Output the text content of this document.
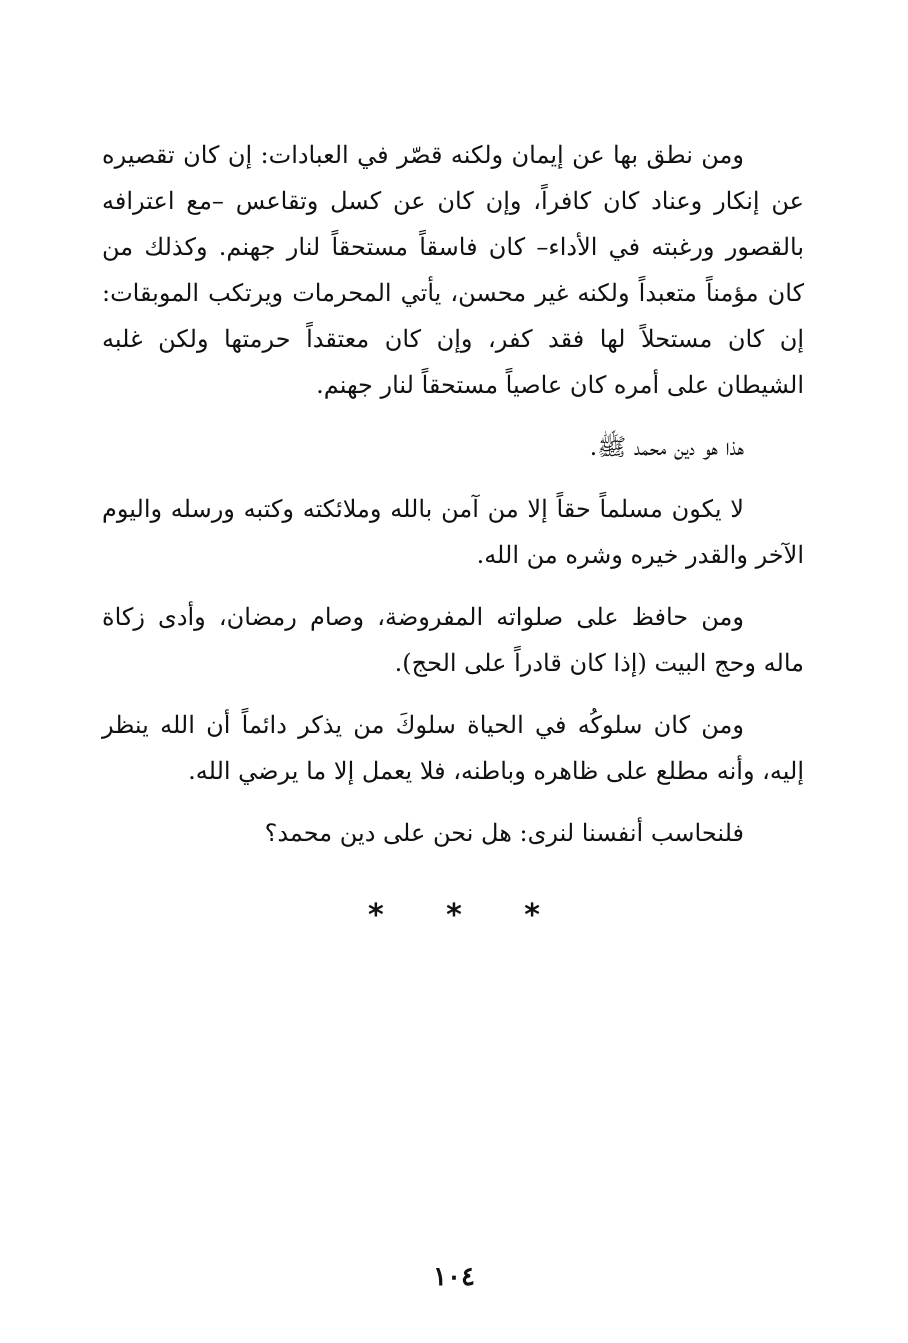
ومن نطق بها عن إيمان ولكنه قصّر في العبادات: إن كان تقصيره عن إنكار وعناد كان كافراً، وإن كان عن كسل وتقاعس –مع اعترافه بالقصور ورغبته في الأداء– كان فاسقاً مستحقاً لنار جهنم. وكذلك من كان مؤمناً متعبداً ولكنه غير محسن، يأتي المحرمات ويرتكب الموبقات: إن كان مستحلاً لها فقد كفر، وإن كان معتقداً حرمتها ولكن غلبه الشيطان على أمره كان عاصياً مستحقاً لنار جهنم.

هذا هو دين محمد ﷺ.

لا يكون مسلماً حقاً إلا من آمن بالله وملائكته وكتبه ورسله واليوم الآخر والقدر خيره وشره من الله.

ومن حافظ على صلواته المفروضة، وصام رمضان، وأدى زكاة ماله وحج البيت (إذا كان قادراً على الحج).

ومن كان سلوكُه في الحياة سلوكَ من يذكر دائماً أن الله ينظر إليه، وأنه مطلع على ظاهره وباطنه، فلا يعمل إلا ما يرضي الله.

فلنحاسب أنفسنا لنرى: هل نحن على دين محمد؟

* * *
١٠٤
